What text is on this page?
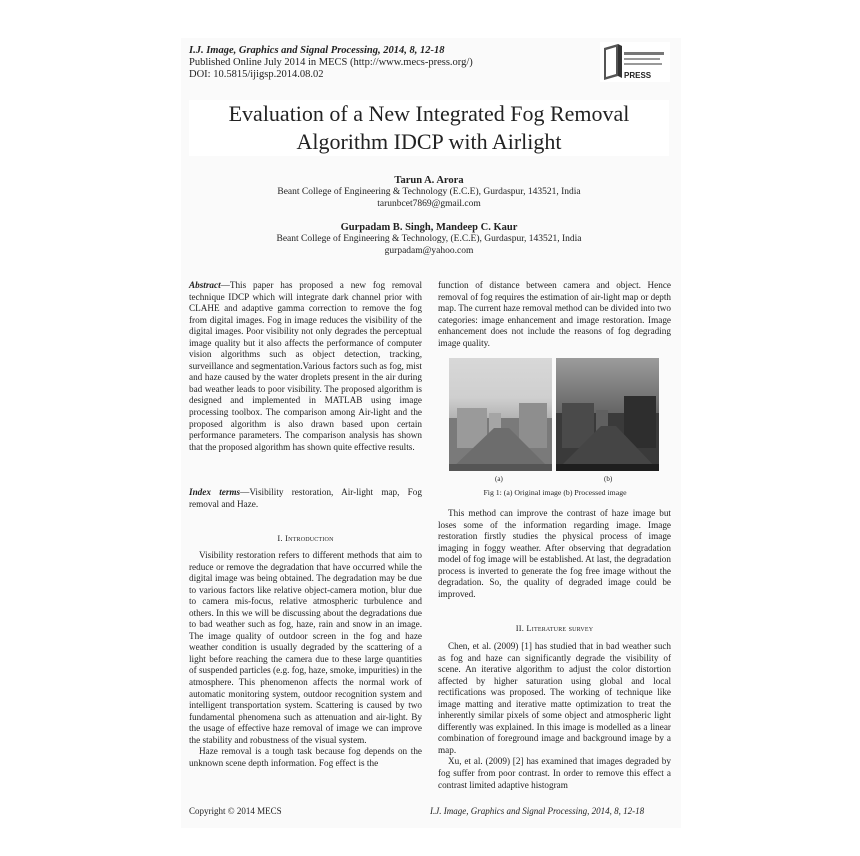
I.J. Image, Graphics and Signal Processing, 2014, 8, 12-18
Published Online July 2014 in MECS (http://www.mecs-press.org/)
DOI: 10.5815/ijigsp.2014.08.02	PRESS
Evaluation of a New Integrated Fog Removal
Algorithm IDCP with Airlight
Tarun A. Arora
Beant College of Engineering & Technology (E.C.E), Gurdaspur, 143521, India
tarunbcet7869@gmail.com
Gurpadam B. Singh, Mandeep C. Kaur
Beant College of Engineering & Technology, (E.C.E), Gurdaspur, 143521, India
gurpadam@yahoo.com

Abstract—This paper has proposed a new fog removal technique IDCP which will integrate dark channel prior with CLAHE and adaptive gamma correction to remove the fog from digital images. Fog in image reduces the visibility of the digital images. Poor visibility not only degrades the perceptual image quality but it also affects the performance of computer vision algorithms such as object detection, tracking, surveillance and segmentation.Various factors such as fog, mist and haze caused by the water droplets present in the air during bad weather leads to poor visibility. The proposed algorithm is designed and implemented in MATLAB using image processing toolbox. The comparison among Air-light and the proposed algorithm is also drawn based upon certain performance parameters. The comparison analysis has shown that the proposed algorithm has shown quite effective results.

Index terms—Visibility restoration, Air-light map, Fog removal and Haze.

I. Introduction

Visibility restoration refers to different methods that aim to reduce or remove the degradation that have occurred while the digital image was being obtained. The degradation may be due to various factors like relative object-camera motion, blur due to camera mis-focus, relative atmospheric turbulence and others. In this we will be discussing about the degradations due to bad weather such as fog, haze, rain and snow in an image. The image quality of outdoor screen in the fog and haze weather condition is usually degraded by the scattering of a light before reaching the camera due to these large quantities of suspended particles (e.g. fog, haze, smoke, impurities) in the atmosphere. This phenomenon affects the normal work of automatic monitoring system, outdoor recognition system and intelligent transportation system. Scattering is caused by two fundamental phenomena such as attenuation and air-light. By the usage of effective haze removal of image we can improve the stability and robustness of the visual system.

Haze removal is a tough task because fog depends on the unknown scene depth information. Fog effect is the

function of distance between camera and object. Hence removal of fog requires the estimation of air-light map or depth map. The current haze removal method can be divided into two categories: image enhancement and image restoration. Image enhancement does not include the reasons of fog degrading image quality.

(a)	(b)
Fig 1: (a) Original image (b) Processed image

This method can improve the contrast of haze image but loses some of the information regarding image. Image restoration firstly studies the physical process of image imaging in foggy weather. After observing that degradation model of fog image will be established. At last, the degradation process is inverted to generate the fog free image without the degradation. So, the quality of degraded image could be improved.

II. Literature survey

Chen, et al. (2009) [1] has studied that in bad weather such as fog and haze can significantly degrade the visibility of scene. An iterative algorithm to adjust the color distortion affected by higher saturation using global and local rectifications was proposed. The working of technique like image matting and iterative matte optimization to treat the inherently similar pixels of some object and atmospheric light differently was explained. In this image is modelled as a linear combination of foreground image and background image by a map.

Xu, et al. (2009) [2] has examined that images degraded by fog suffer from poor contrast. In order to remove this effect a contrast limited adaptive histogram

Copyright © 2014 MECS	I.J. Image, Graphics and Signal Processing, 2014, 8, 12-18
